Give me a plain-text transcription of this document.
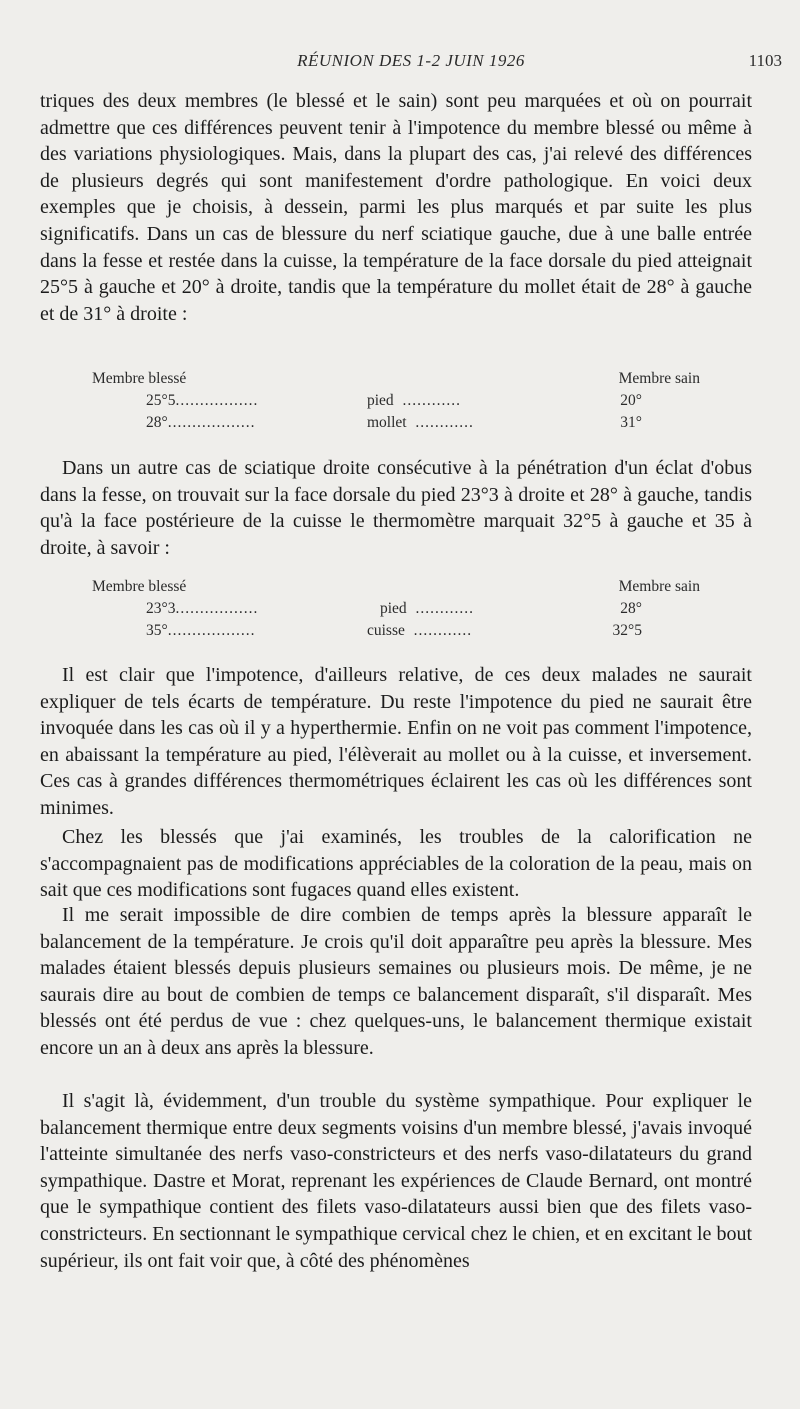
RÉUNION DES 1-2 JUIN 1926	1103

triques des deux membres (le blessé et le sain) sont peu marquées et où on pourrait admettre que ces différences peuvent tenir à l'impotence du membre blessé ou même à des variations physiologiques. Mais, dans la plupart des cas, j'ai relevé des différences de plusieurs degrés qui sont manifestement d'ordre pathologique. En voici deux exemples que je choisis, à dessein, parmi les plus marqués et par suite les plus significatifs. Dans un cas de blessure du nerf sciatique gauche, due à une balle entrée dans la fesse et restée dans la cuisse, la température de la face dorsale du pied atteignait 25°5 à gauche et 20° à droite, tandis que la température du mollet était de 28° à gauche et de 31° à droite :

Membre blessé	Membre sain
25°5.................	pied  ............	20°
28°..................	mollet  ............	31°

Dans un autre cas de sciatique droite consécutive à la pénétration d'un éclat d'obus dans la fesse, on trouvait sur la face dorsale du pied 23°3 à droite et 28° à gauche, tandis qu'à la face postérieure de la cuisse le thermomètre marquait 32°5 à gauche et 35 à droite, à savoir :

Membre blessé	Membre sain
23°3.................	pied  ............	28°
35°..................	cuisse  ............	32°5

Il est clair que l'impotence, d'ailleurs relative, de ces deux malades ne saurait expliquer de tels écarts de température. Du reste l'impotence du pied ne saurait être invoquée dans les cas où il y a hyperthermie. Enfin on ne voit pas comment l'impotence, en abaissant la température au pied, l'élèverait au mollet ou à la cuisse, et inversement. Ces cas à grandes différences thermométriques éclairent les cas où les différences sont minimes.

Chez les blessés que j'ai examinés, les troubles de la calorification ne s'accompagnaient pas de modifications appréciables de la coloration de la peau, mais on sait que ces modifications sont fugaces quand elles existent.

Il me serait impossible de dire combien de temps après la blessure apparaît le balancement de la température. Je crois qu'il doit apparaître peu après la blessure. Mes malades étaient blessés depuis plusieurs semaines ou plusieurs mois. De même, je ne saurais dire au bout de combien de temps ce balancement disparaît, s'il disparaît. Mes blessés ont été perdus de vue : chez quelques-uns, le balancement thermique existait encore un an à deux ans après la blessure.

Il s'agit là, évidemment, d'un trouble du système sympathique. Pour expliquer le balancement thermique entre deux segments voisins d'un membre blessé, j'avais invoqué l'atteinte simultanée des nerfs vaso-constricteurs et des nerfs vaso-dilatateurs du grand sympathique. Dastre et Morat, reprenant les expériences de Claude Bernard, ont montré que le sympathique contient des filets vaso-dilatateurs aussi bien que des filets vaso-constricteurs. En sectionnant le sympathique cervical chez le chien, et en excitant le bout supérieur, ils ont fait voir que, à côté des phénomènes
